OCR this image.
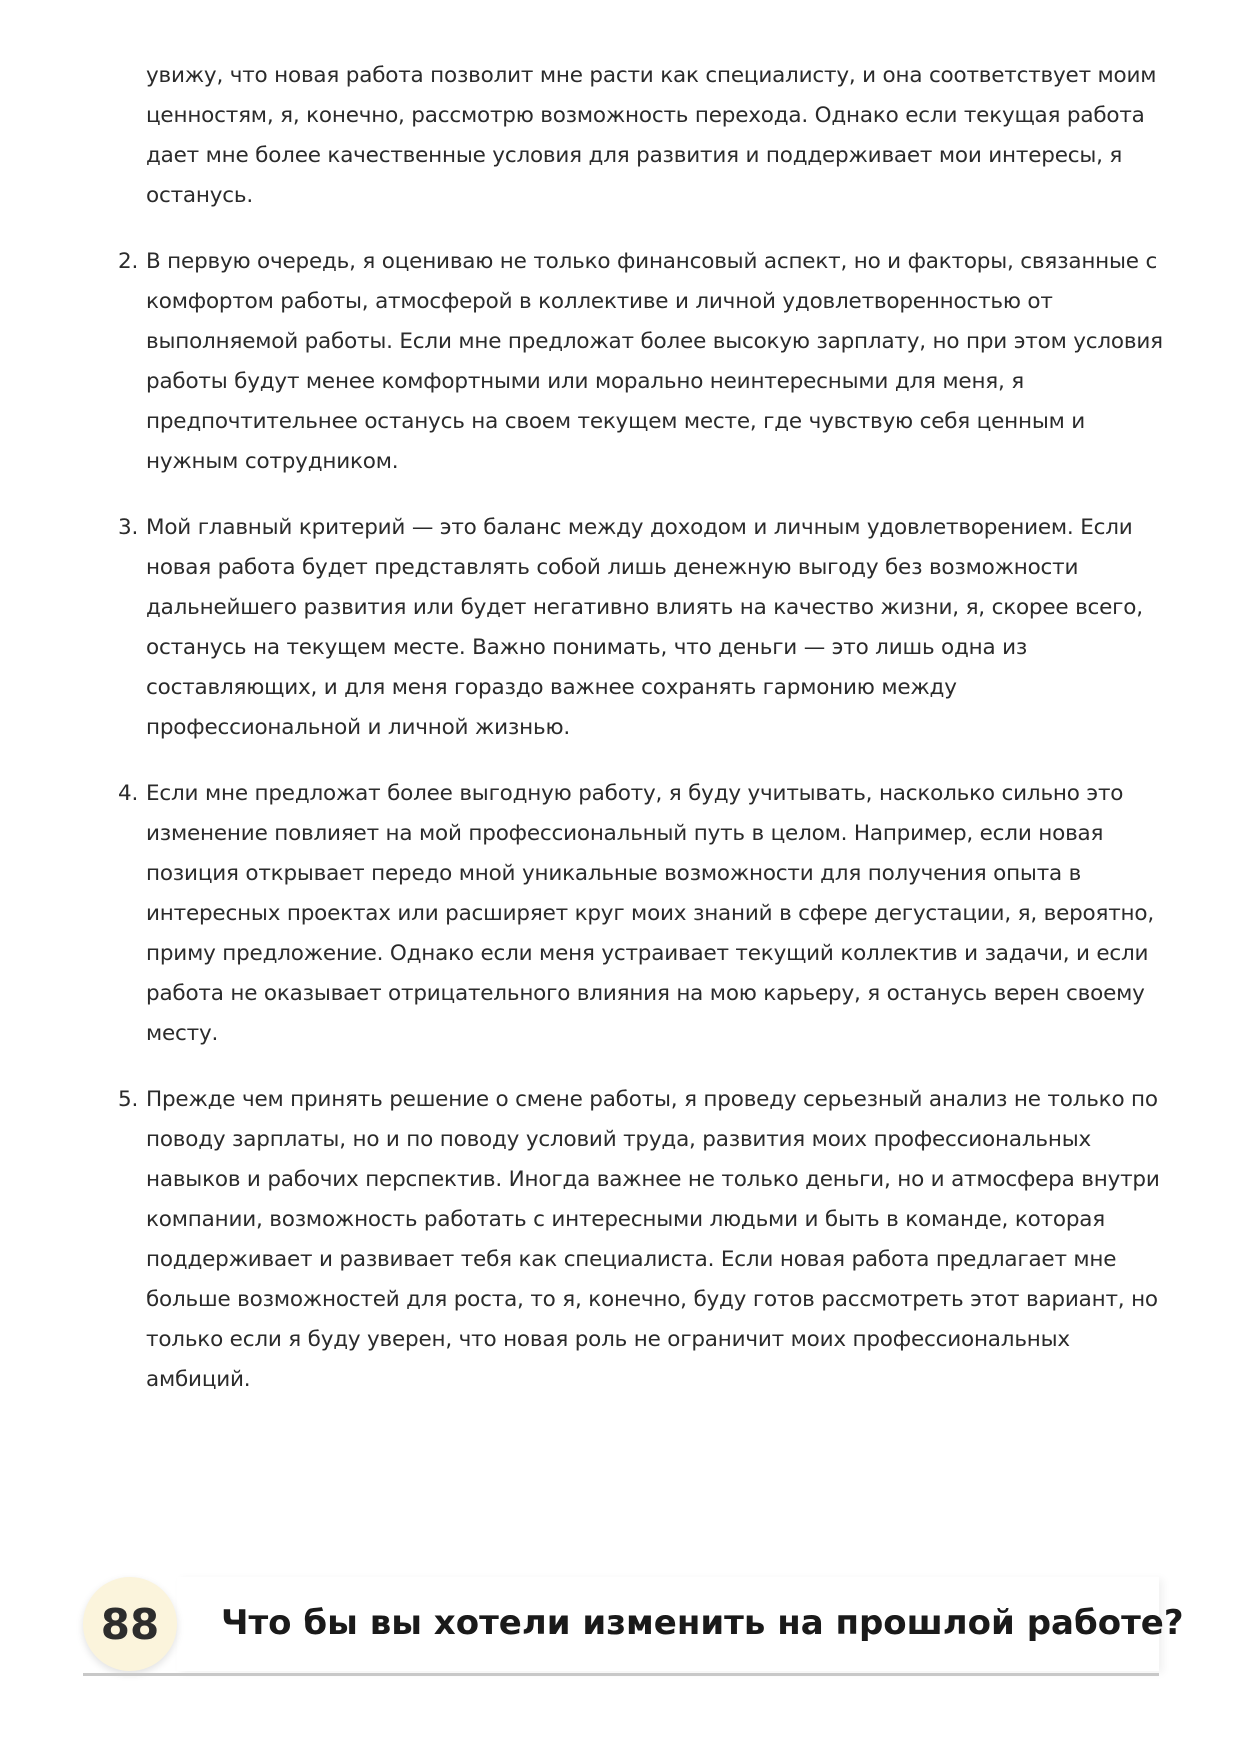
увижу, что новая работа позволит мне расти как специалисту, и она соответствует моим ценностям, я, конечно, рассмотрю возможность перехода. Однако если текущая работа дает мне более качественные условия для развития и поддерживает мои интересы, я останусь.
2. В первую очередь, я оцениваю не только финансовый аспект, но и факторы, связанные с комфортом работы, атмосферой в коллективе и личной удовлетворенностью от выполняемой работы. Если мне предложат более высокую зарплату, но при этом условия работы будут менее комфортными или морально неинтересными для меня, я предпочтительнее останусь на своем текущем месте, где чувствую себя ценным и нужным сотрудником.
3. Мой главный критерий — это баланс между доходом и личным удовлетворением. Если новая работа будет представлять собой лишь денежную выгоду без возможности дальнейшего развития или будет негативно влиять на качество жизни, я, скорее всего, останусь на текущем месте. Важно понимать, что деньги — это лишь одна из составляющих, и для меня гораздо важнее сохранять гармонию между профессиональной и личной жизнью.
4. Если мне предложат более выгодную работу, я буду учитывать, насколько сильно это изменение повлияет на мой профессиональный путь в целом. Например, если новая позиция открывает передо мной уникальные возможности для получения опыта в интересных проектах или расширяет круг моих знаний в сфере дегустации, я, вероятно, приму предложение. Однако если меня устраивает текущий коллектив и задачи, и если работа не оказывает отрицательного влияния на мою карьеру, я останусь верен своему месту.
5. Прежде чем принять решение о смене работы, я проведу серьезный анализ не только по поводу зарплаты, но и по поводу условий труда, развития моих профессиональных навыков и рабочих перспектив. Иногда важнее не только деньги, но и атмосфера внутри компании, возможность работать с интересными людьми и быть в команде, которая поддерживает и развивает тебя как специалиста. Если новая работа предлагает мне больше возможностей для роста, то я, конечно, буду готов рассмотреть этот вариант, но только если я буду уверен, что новая роль не ограничит моих профессиональных амбиций.
88	Что бы вы хотели изменить на прошлой работе?
